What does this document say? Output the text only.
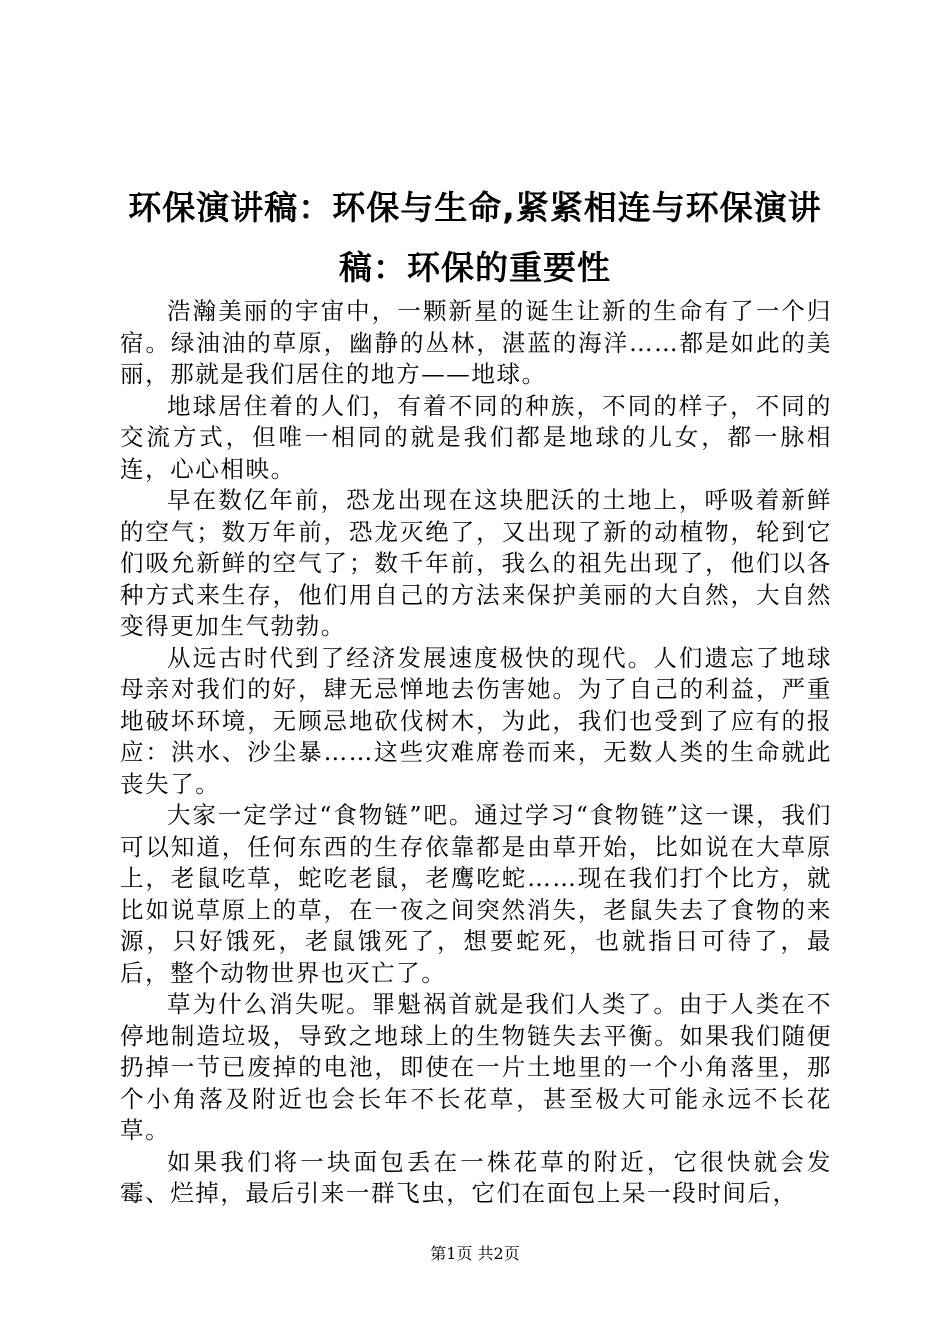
环保演讲稿：环保与生命,紧紧相连与环保演讲稿：环保的重要性

浩瀚美丽的宇宙中，一颗新星的诞生让新的生命有了一个归宿。绿油油的草原，幽静的丛林，湛蓝的海洋……都是如此的美丽，那就是我们居住的地方——地球。

地球居住着的人们，有着不同的种族，不同的样子，不同的交流方式，但唯一相同的就是我们都是地球的儿女，都一脉相连，心心相映。

早在数亿年前，恐龙出现在这块肥沃的土地上，呼吸着新鲜的空气；数万年前，恐龙灭绝了，又出现了新的动植物，轮到它们吸允新鲜的空气了；数千年前，我么的祖先出现了，他们以各种方式来生存，他们用自己的方法来保护美丽的大自然，大自然变得更加生气勃勃。

从远古时代到了经济发展速度极快的现代。人们遗忘了地球母亲对我们的好，肆无忌惮地去伤害她。为了自己的利益，严重地破坏环境，无顾忌地砍伐树木，为此，我们也受到了应有的报应：洪水、沙尘暴……这些灾难席卷而来，无数人类的生命就此丧失了。

大家一定学过“食物链”吧。通过学习“食物链”这一课，我们可以知道，任何东西的生存依靠都是由草开始，比如说在大草原上，老鼠吃草，蛇吃老鼠，老鹰吃蛇……现在我们打个比方，就比如说草原上的草，在一夜之间突然消失，老鼠失去了食物的来源，只好饿死，老鼠饿死了，想要蛇死，也就指日可待了，最后，整个动物世界也灭亡了。

草为什么消失呢。罪魁祸首就是我们人类了。由于人类在不停地制造垃圾，导致之地球上的生物链失去平衡。如果我们随便扔掉一节已废掉的电池，即使在一片土地里的一个小角落里，那个小角落及附近也会长年不长花草，甚至极大可能永远不长花草。

如果我们将一块面包丢在一株花草的附近，它很快就会发霉、烂掉，最后引来一群飞虫，它们在面包上呆一段时间后，

第1页 共2页
